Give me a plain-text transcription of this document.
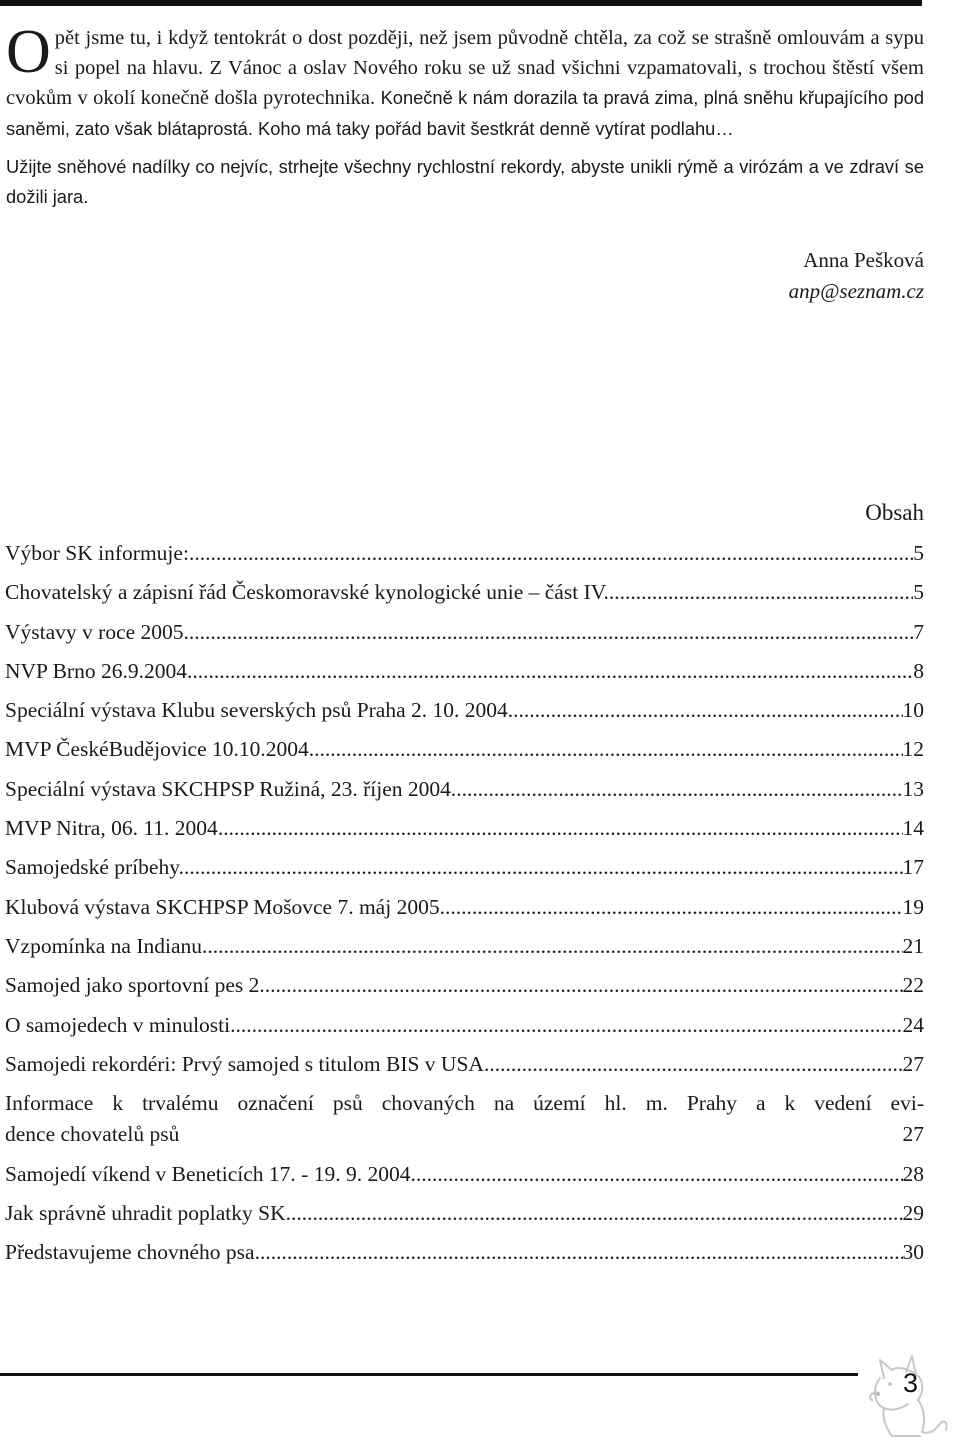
Opět jsme tu, i když tentokrát o dost později, než jsem původně chtěla, za což se strašně omlouvám a sypu si popel na hlavu. Z Vánoc a oslav Nového roku se už snad všichni vzpamatovali, s trochou štěstí všem cvokům v okolí konečně došla pyrotechnika. Konečně k nám dorazila ta pravá zima, plná sněhu křupajícího pod saněmi, zato však blátaprostá. Koho má taky pořád bavit šestkrát denně vytírat podlahu…

Užijte sněhové nadílky co nejvíc, strhejte všechny rychlostní rekordy, abyste unikli rýmě a virózám a ve zdraví se dožili jara.

Anna Pešková
anp@seznam.cz
Obsah
Výbor SK informuje: .....	5
Chovatelský a zápisní řád Českomoravské kynologické unie – část IV. .....	5
Výstavy v roce 2005 .....	7
NVP Brno 26.9.2004. .....	8
Speciální výstava Klubu severských psů Praha 2. 10. 2004 .....	10
MVP ČeskéBudějovice 10.10.2004 .....	12
Speciální výstava SKCHPSP Ružiná, 23. říjen 2004 .....	13
MVP Nitra, 06. 11. 2004 .....	14
Samojedské príbehy .....	17
Klubová výstava SKCHPSP Mošovce 7. máj 2005 .....	19
Vzpomínka na Indianu .....	21
Samojed jako sportovní pes 2 .....	22
O samojedech v minulosti .....	24
Samojedi rekordéri: Prvý samojed s titulom BIS v USA .....	27
Informace k trvalému označení psů chovaných na území hl. m. Prahy a k vedení evi-
dence chovatelů psů	27
Samojedí víkend v Beneticích 17. - 19. 9. 2004 .....	28
Jak správně uhradit poplatky SK .....	29
Představujeme chovného psa .....	30
3
